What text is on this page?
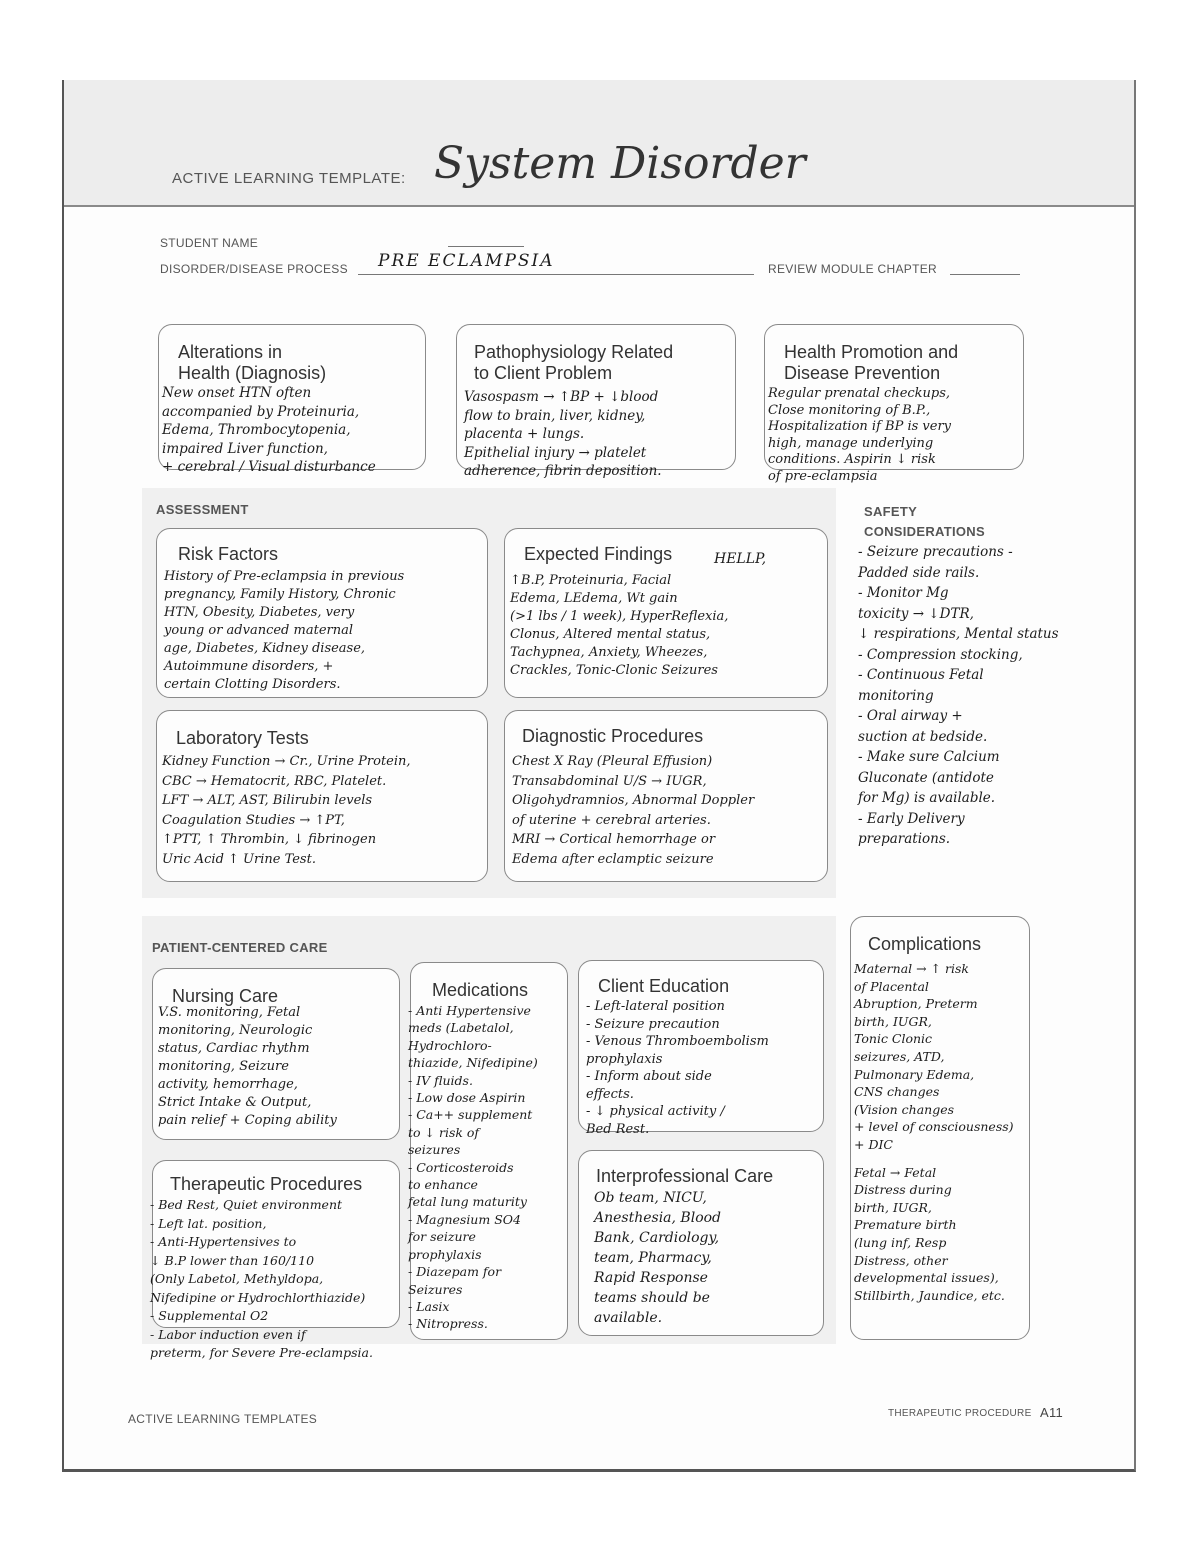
ACTIVE LEARNING TEMPLATE: System Disorder
STUDENT NAME
DISORDER/DISEASE PROCESS PRE ECLAMPSIA	REVIEW MODULE CHAPTER
Alterations in
Health (Diagnosis)
New onset HTN often
accompanied by Proteinuria,
Edema, Thrombocytopenia,
impaired Liver function,
+ cerebral / Visual disturbance
Pathophysiology Related
to Client Problem
Vasospasm → ↑BP + ↓blood
flow to brain, liver, kidney,
placenta + lungs.
Epithelial injury → platelet
adherence, fibrin deposition.
Health Promotion and
Disease Prevention
Regular prenatal checkups,
Close monitoring of B.P.,
Hospitalization if BP is very
high, manage underlying
conditions. Aspirin ↓ risk
of pre-eclampsia
ASSESSMENT
Risk Factors
History of Pre-eclampsia in previous
pregnancy, Family History, Chronic
HTN, Obesity, Diabetes, very
young or advanced maternal
age, Diabetes, Kidney disease,
Autoimmune disorders, +
certain Clotting Disorders.
Expected Findings	HELLP,
↑B.P, Proteinuria, Facial
Edema, LEdema, Wt gain
(>1 lbs / 1 week), HyperReflexia,
Clonus, Altered mental status,
Tachypnea, Anxiety, Wheezes,
Crackles, Tonic-Clonic Seizures
Laboratory Tests
Kidney Function → Cr., Urine Protein,
CBC → Hematocrit, RBC, Platelet.
LFT → ALT, AST, Bilirubin levels
Coagulation Studies → ↑PT,
↑PTT, ↑ Thrombin, ↓ fibrinogen
Uric Acid ↑ Urine Test.
Diagnostic Procedures
Chest X Ray (Pleural Effusion)
Transabdominal U/S → IUGR,
Oligohydramnios, Abnormal Doppler
of uterine + cerebral arteries.
MRI → Cortical hemorrhage or
Edema after eclamptic seizure
SAFETY
CONSIDERATIONS
- Seizure precautions -
Padded side rails.
- Monitor Mg
toxicity → ↓DTR,
↓ respirations, Mental status
- Compression stocking,
- Continuous Fetal
monitoring
- Oral airway +
suction at bedside.
- Make sure Calcium
Gluconate (antidote
for Mg) is available.
- Early Delivery
preparations.
PATIENT-CENTERED CARE
Nursing Care
V.S. monitoring, Fetal
monitoring, Neurologic
status, Cardiac rhythm
monitoring, Seizure
activity, hemorrhage,
Strict Intake & Output,
pain relief + Coping ability
Medications
- Anti Hypertensive
meds (Labetalol,
Hydrochloro-
thiazide, Nifedipine)
- IV fluids.
- Low dose Aspirin
- Ca++ supplement
to ↓ risk of
seizures
- Corticosteroids
to enhance
fetal lung maturity
- Magnesium SO4
for seizure
prophylaxis
- Diazepam for
Seizures
- Lasix
- Nitropress.
Client Education
- Left-lateral position
- Seizure precaution
- Venous Thromboembolism
prophylaxis
- Inform about side
effects.
- ↓ physical activity /
Bed Rest.
Therapeutic Procedures
- Bed Rest, Quiet environment
- Left lat. position,
- Anti-Hypertensives to
↓ B.P lower than 160/110
(Only Labetol, Methyldopa,
Nifedipine or Hydrochlorthiazide)
- Supplemental O2
- Labor induction even if
preterm, for Severe Pre-eclampsia.
Interprofessional Care
Ob team, NICU,
Anesthesia, Blood
Bank, Cardiology,
team, Pharmacy,
Rapid Response
teams should be
available.
Complications
Maternal → ↑ risk
of Placental
Abruption, Preterm
birth, IUGR,
Tonic Clonic
seizures, ATD,
Pulmonary Edema,
CNS changes
(Vision changes
+ level of consciousness)
+ DIC
Fetal → Fetal
Distress during
birth, IUGR,
Premature birth
(lung inf, Resp
Distress, other
developmental issues),
Stillbirth, Jaundice, etc.
ACTIVE LEARNING TEMPLATES	THERAPEUTIC PROCEDURE A11
